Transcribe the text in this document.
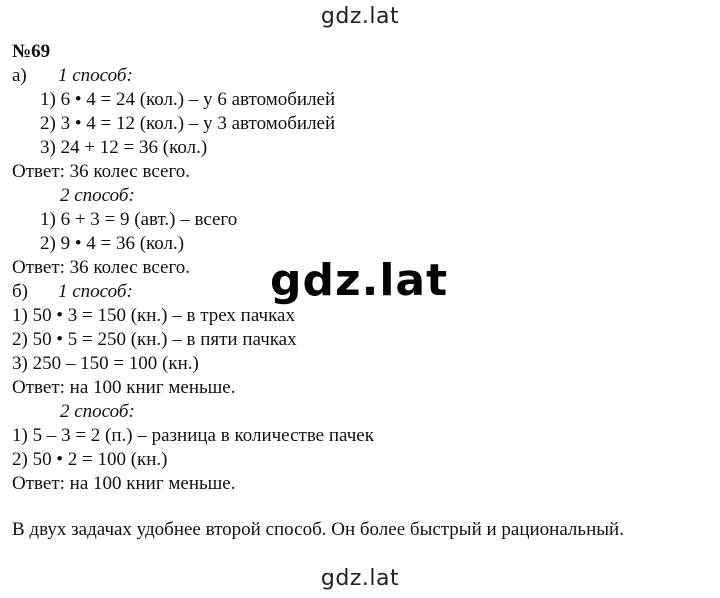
gdz.lat
№69
а) 1 способ:
1) 6 • 4 = 24 (кол.) – у 6 автомобилей
2) 3 • 4 = 12 (кол.) – у 3 автомобилей
3) 24 + 12 = 36 (кол.)
Ответ: 36 колес всего.
2 способ:
1) 6 + 3 = 9 (авт.) – всего
2) 9 • 4 = 36 (кол.)
Ответ: 36 колес всего.
б) 1 способ:
1) 50 • 3 = 150 (кн.) – в трех пачках
2) 50 • 5 = 250 (кн.) – в пяти пачках
3) 250 – 150 = 100 (кн.)
Ответ: на 100 книг меньше.
2 способ:
1) 5 – 3 = 2 (п.) – разница в количестве пачек
2) 50 • 2 = 100 (кн.)
Ответ: на 100 книг меньше.
В двух задачах удобнее второй способ. Он более быстрый и рациональный.
gdz.lat
gdz.lat
